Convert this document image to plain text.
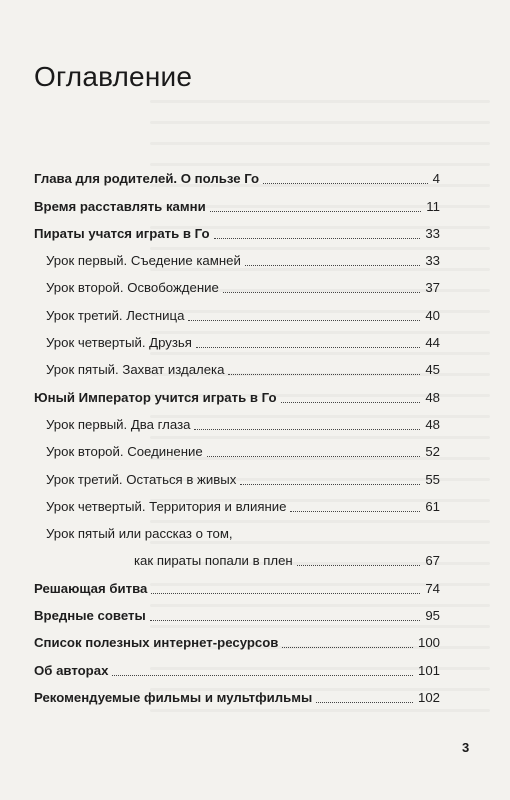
Оглавление
Глава для родителей. О пользе Го	4
Время расставлять камни	11
Пираты учатся играть в Го	33
Урок первый. Съедение камней	33
Урок второй. Освобождение	37
Урок третий. Лестница	40
Урок четвертый. Друзья	44
Урок пятый. Захват издалека	45
Юный Император учится играть в Го	48
Урок первый. Два глаза	48
Урок второй. Соединение	52
Урок третий. Остаться в живых	55
Урок четвертый. Территория и влияние	61
Урок пятый или рассказ о том,
как пираты попали в плен	67
Решающая битва	74
Вредные советы	95
Список полезных интернет-ресурсов	100
Об авторах	101
Рекомендуемые фильмы и мультфильмы	102
3
